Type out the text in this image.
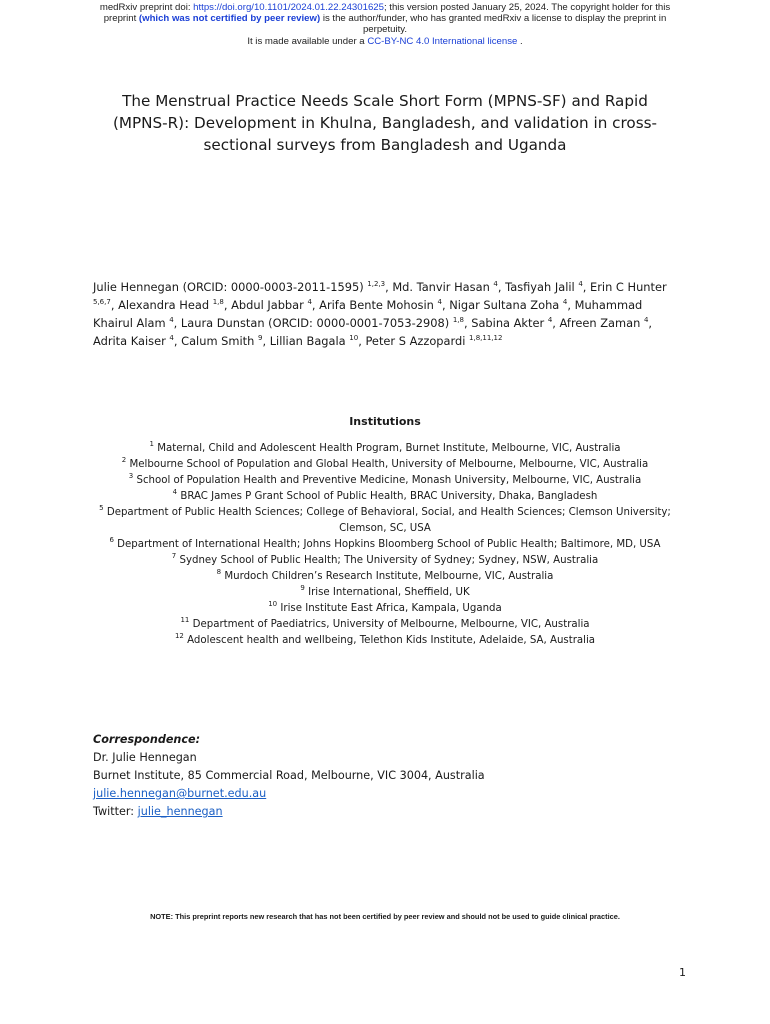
medRxiv preprint doi: https://doi.org/10.1101/2024.01.22.24301625; this version posted January 25, 2024. The copyright holder for this
preprint (which was not certified by peer review) is the author/funder, who has granted medRxiv a license to display the preprint in
perpetuity.
It is made available under a CC-BY-NC 4.0 International license .
The Menstrual Practice Needs Scale Short Form (MPNS-SF) and Rapid (MPNS-R): Development in Khulna, Bangladesh, and validation in cross-sectional surveys from Bangladesh and Uganda
Julie Hennegan (ORCID: 0000-0003-2011-1595) $^{1,2,3}$, Md. Tanvir Hasan $^4$, Tasfiyah Jalil $^4$, Erin C Hunter $^{5,6,7}$, Alexandra Head $^{1,8}$, Abdul Jabbar $^4$, Arifa Bente Mohosin $^4$, Nigar Sultana Zoha $^4$, Muhammad Khairul Alam $^4$, Laura Dunstan (ORCID: 0000-0001-7053-2908) $^{1,8}$, Sabina Akter $^4$, Afreen Zaman $^4$, Adrita Kaiser $^4$, Calum Smith $^9$, Lillian Bagala $^{10}$, Peter S Azzopardi $^{1,8,11,12}$
Institutions
$^1$ Maternal, Child and Adolescent Health Program, Burnet Institute, Melbourne, VIC, Australia
$^2$ Melbourne School of Population and Global Health, University of Melbourne, Melbourne, VIC, Australia
$^3$ School of Population Health and Preventive Medicine, Monash University, Melbourne, VIC, Australia
$^4$ BRAC James P Grant School of Public Health, BRAC University, Dhaka, Bangladesh
$^5$ Department of Public Health Sciences; College of Behavioral, Social, and Health Sciences; Clemson University; Clemson, SC, USA
$^6$ Department of International Health; Johns Hopkins Bloomberg School of Public Health; Baltimore, MD, USA
$^7$ Sydney School of Public Health; The University of Sydney; Sydney, NSW, Australia
$^8$ Murdoch Children’s Research Institute, Melbourne, VIC, Australia
$^9$ Irise International, Sheffield, UK
$^{10}$ Irise Institute East Africa, Kampala, Uganda
$^{11}$ Department of Paediatrics, University of Melbourne, Melbourne, VIC, Australia
$^{12}$ Adolescent health and wellbeing, Telethon Kids Institute, Adelaide, SA, Australia
Correspondence:
Dr. Julie Hennegan
Burnet Institute, 85 Commercial Road, Melbourne, VIC 3004, Australia
julie.hennegan@burnet.edu.au
Twitter: julie_hennegan
NOTE: This preprint reports new research that has not been certified by peer review and should not be used to guide clinical practice.
1
